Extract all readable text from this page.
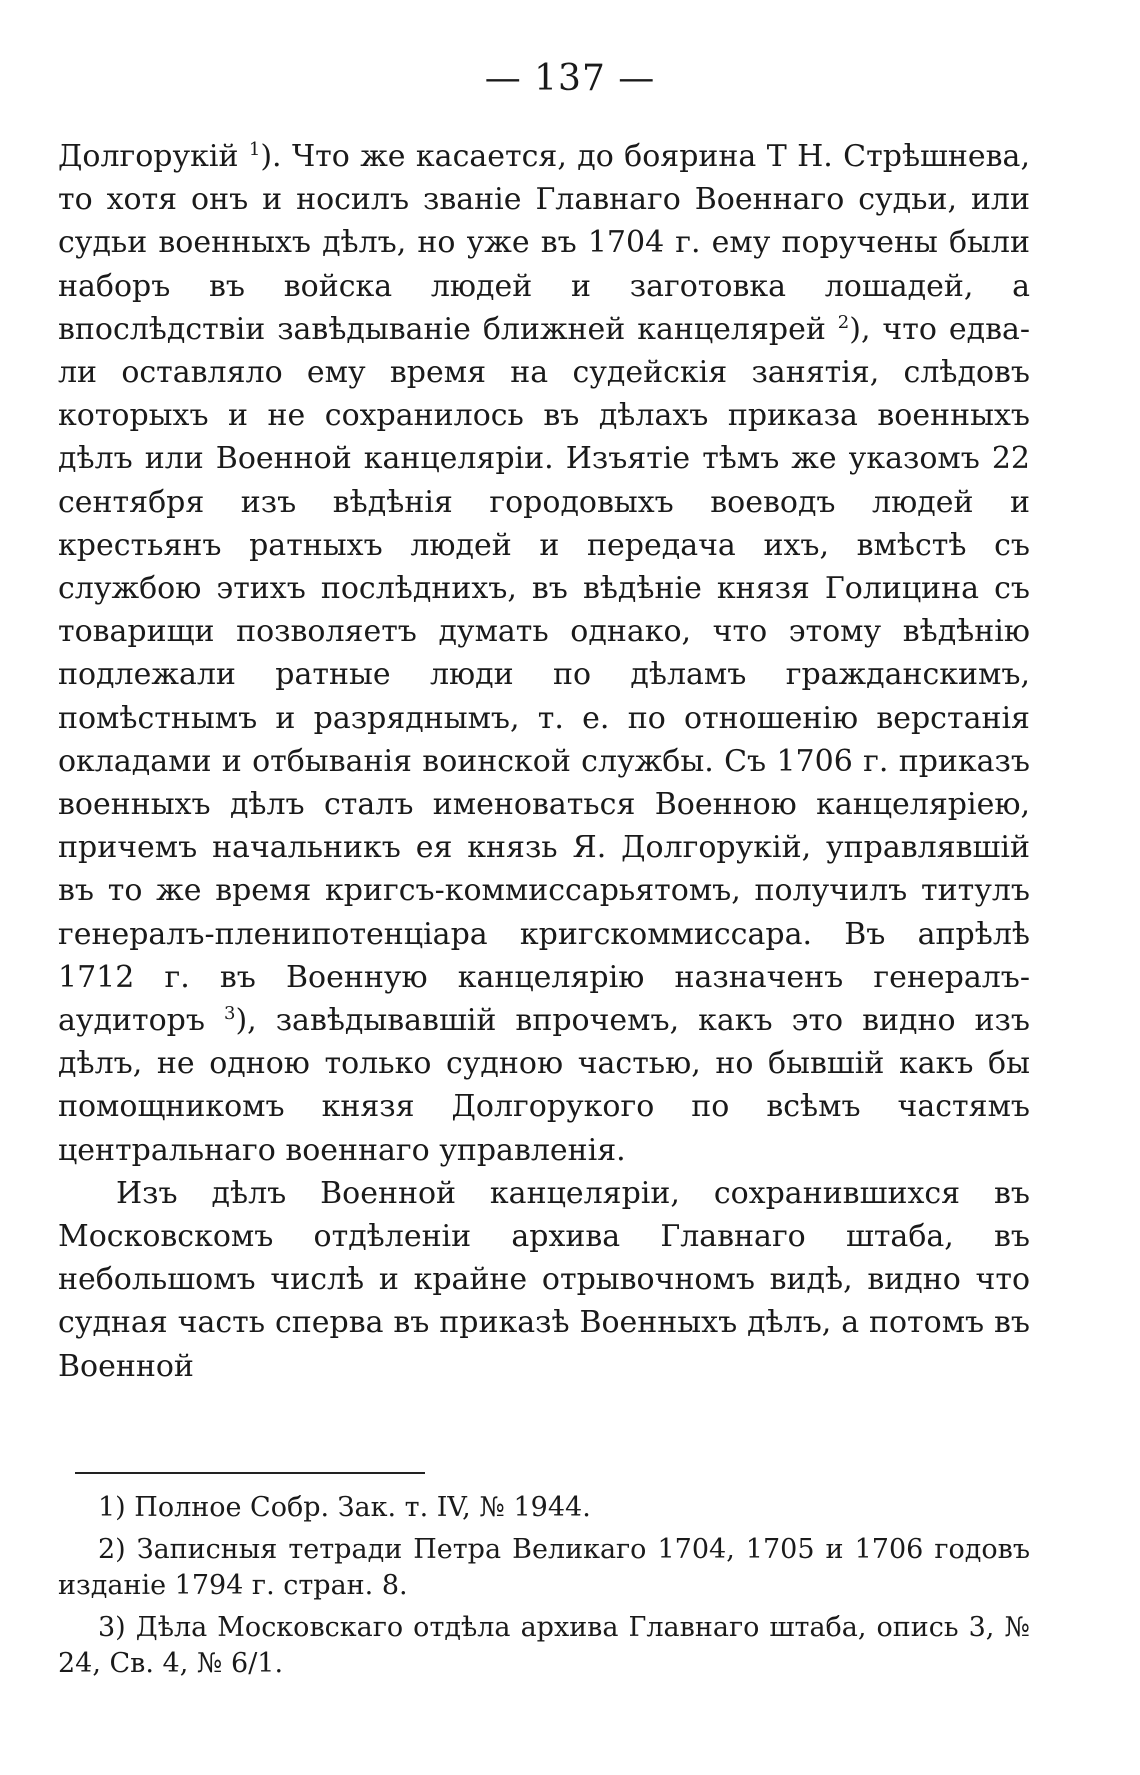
— 137 —

Долгорукій $^1$). Что же касается, до боярина Т Н. Стрѣшнева, то хотя онъ и носилъ званіе Главнаго Военнаго судьи, или судьи военныхъ дѣлъ, но уже въ 1704 г. ему поручены были наборъ въ войска людей и заготовка лошадей, а впослѣдствіи завѣдываніе ближней канцелярей $^2$), что едва-ли оставляло ему время на судейскія занятія, слѣдовъ которыхъ и не сохранилось въ дѣлахъ приказа военныхъ дѣлъ или Военной канцеляріи. Изъятіе тѣмъ же указомъ 22 сентября изъ вѣдѣнія городовыхъ воеводъ людей и крестьянъ ратныхъ людей и передача ихъ, вмѣстѣ съ службою этихъ послѣднихъ, въ вѣдѣніе князя Голицина съ товарищи позволяетъ думать однако, что этому вѣдѣнію подлежали ратные люди по дѣламъ гражданскимъ, помѣстнымъ и разряднымъ, т. е. по отношенію верстанія окладами и отбыванія воинской службы. Съ 1706 г. приказъ военныхъ дѣлъ сталъ именоваться Военною канцеляріею, причемъ начальникъ ея князь Я. Долгорукій, управлявшій въ то же время кригсъ-коммиссарьятомъ, получилъ титулъ генералъ-пленипотенціара кригскоммиссара. Въ апрѣлѣ 1712 г. въ Военную канцелярію назначенъ генералъ-аудиторъ $^3$), завѣдывавшій впрочемъ, какъ это видно изъ дѣлъ, не одною только судною частью, но бывшій какъ бы помощникомъ князя Долгорукого по всѣмъ частямъ центральнаго военнаго управленія.

Изъ дѣлъ Военной канцеляріи, сохранившихся въ Московскомъ отдѣленіи архива Главнаго штаба, въ небольшомъ числѣ и крайне отрывочномъ видѣ, видно что судная часть сперва въ приказѣ Военныхъ дѣлъ, а потомъ въ Военной

1) Полное Собр. Зак. т. IV, № 1944.

2) Записныя тетради Петра Великаго 1704, 1705 и 1706 годовъ изданіе 1794 г. стран. 8.

3) Дѣла Московскаго отдѣла архива Главнаго штаба, опись 3, № 24, Св. 4, № 6/1.
